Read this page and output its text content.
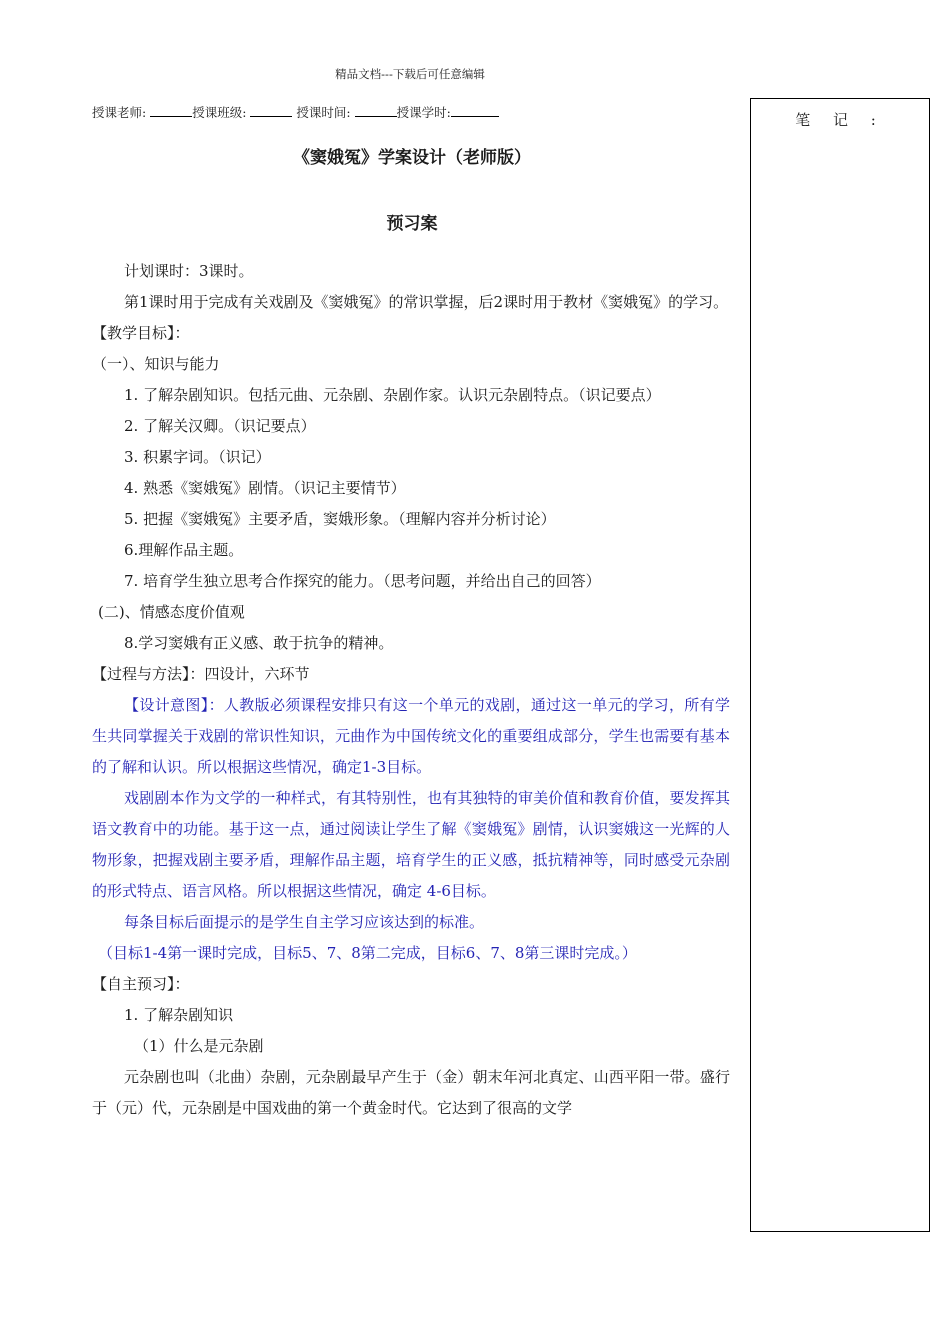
精品文档---下载后可任意编辑
授课老师:	授课班级:	授课时间:	授课学时:	笔 记 :
《窦娥冤》学案设计（老师版）
预习案

计划课时：3课时。

第1课时用于完成有关戏剧及《窦娥冤》的常识掌握，后2课时用于教材《窦娥冤》的学习。

【教学目标】：

（一）、知识与能力

1. 了解杂剧知识。包括元曲、元杂剧、杂剧作家。认识元杂剧特点。（识记要点）

2. 了解关汉卿。（识记要点）

3. 积累字词。（识记）

4. 熟悉《窦娥冤》剧情。（识记主要情节）

5. 把握《窦娥冤》主要矛盾，窦娥形象。（理解内容并分析讨论）

6.理解作品主题。

7. 培育学生独立思考合作探究的能力。（思考问题，并给出自己的回答）

(二)、情感态度价值观

8.学习窦娥有正义感、敢于抗争的精神。

【过程与方法】：四设计，六环节

【设计意图】：人教版必须课程安排只有这一个单元的戏剧，通过这一单元的学习，所有学生共同掌握关于戏剧的常识性知识，元曲作为中国传统文化的重要组成部分，学生也需要有基本的了解和认识。所以根据这些情况，确定1-3目标。

戏剧剧本作为文学的一种样式，有其特别性，也有其独特的审美价值和教育价值，要发挥其语文教育中的功能。基于这一点，通过阅读让学生了解《窦娥冤》剧情，认识窦娥这一光辉的人物形象，把握戏剧主要矛盾，理解作品主题，培育学生的正义感，抵抗精神等，同时感受元杂剧的形式特点、语言风格。所以根据这些情况，确定 4-6目标。

每条目标后面提示的是学生自主学习应该达到的标准。

（目标1-4第一课时完成，目标5、7、8第二完成，目标6、7、8第三课时完成。）

【自主预习】：

1. 了解杂剧知识

（1）什么是元杂剧

元杂剧也叫（北曲）杂剧，元杂剧最早产生于（金）朝末年河北真定、山西平阳一带。盛行于（元）代，元杂剧是中国戏曲的第一个黄金时代。它达到了很高的文学
